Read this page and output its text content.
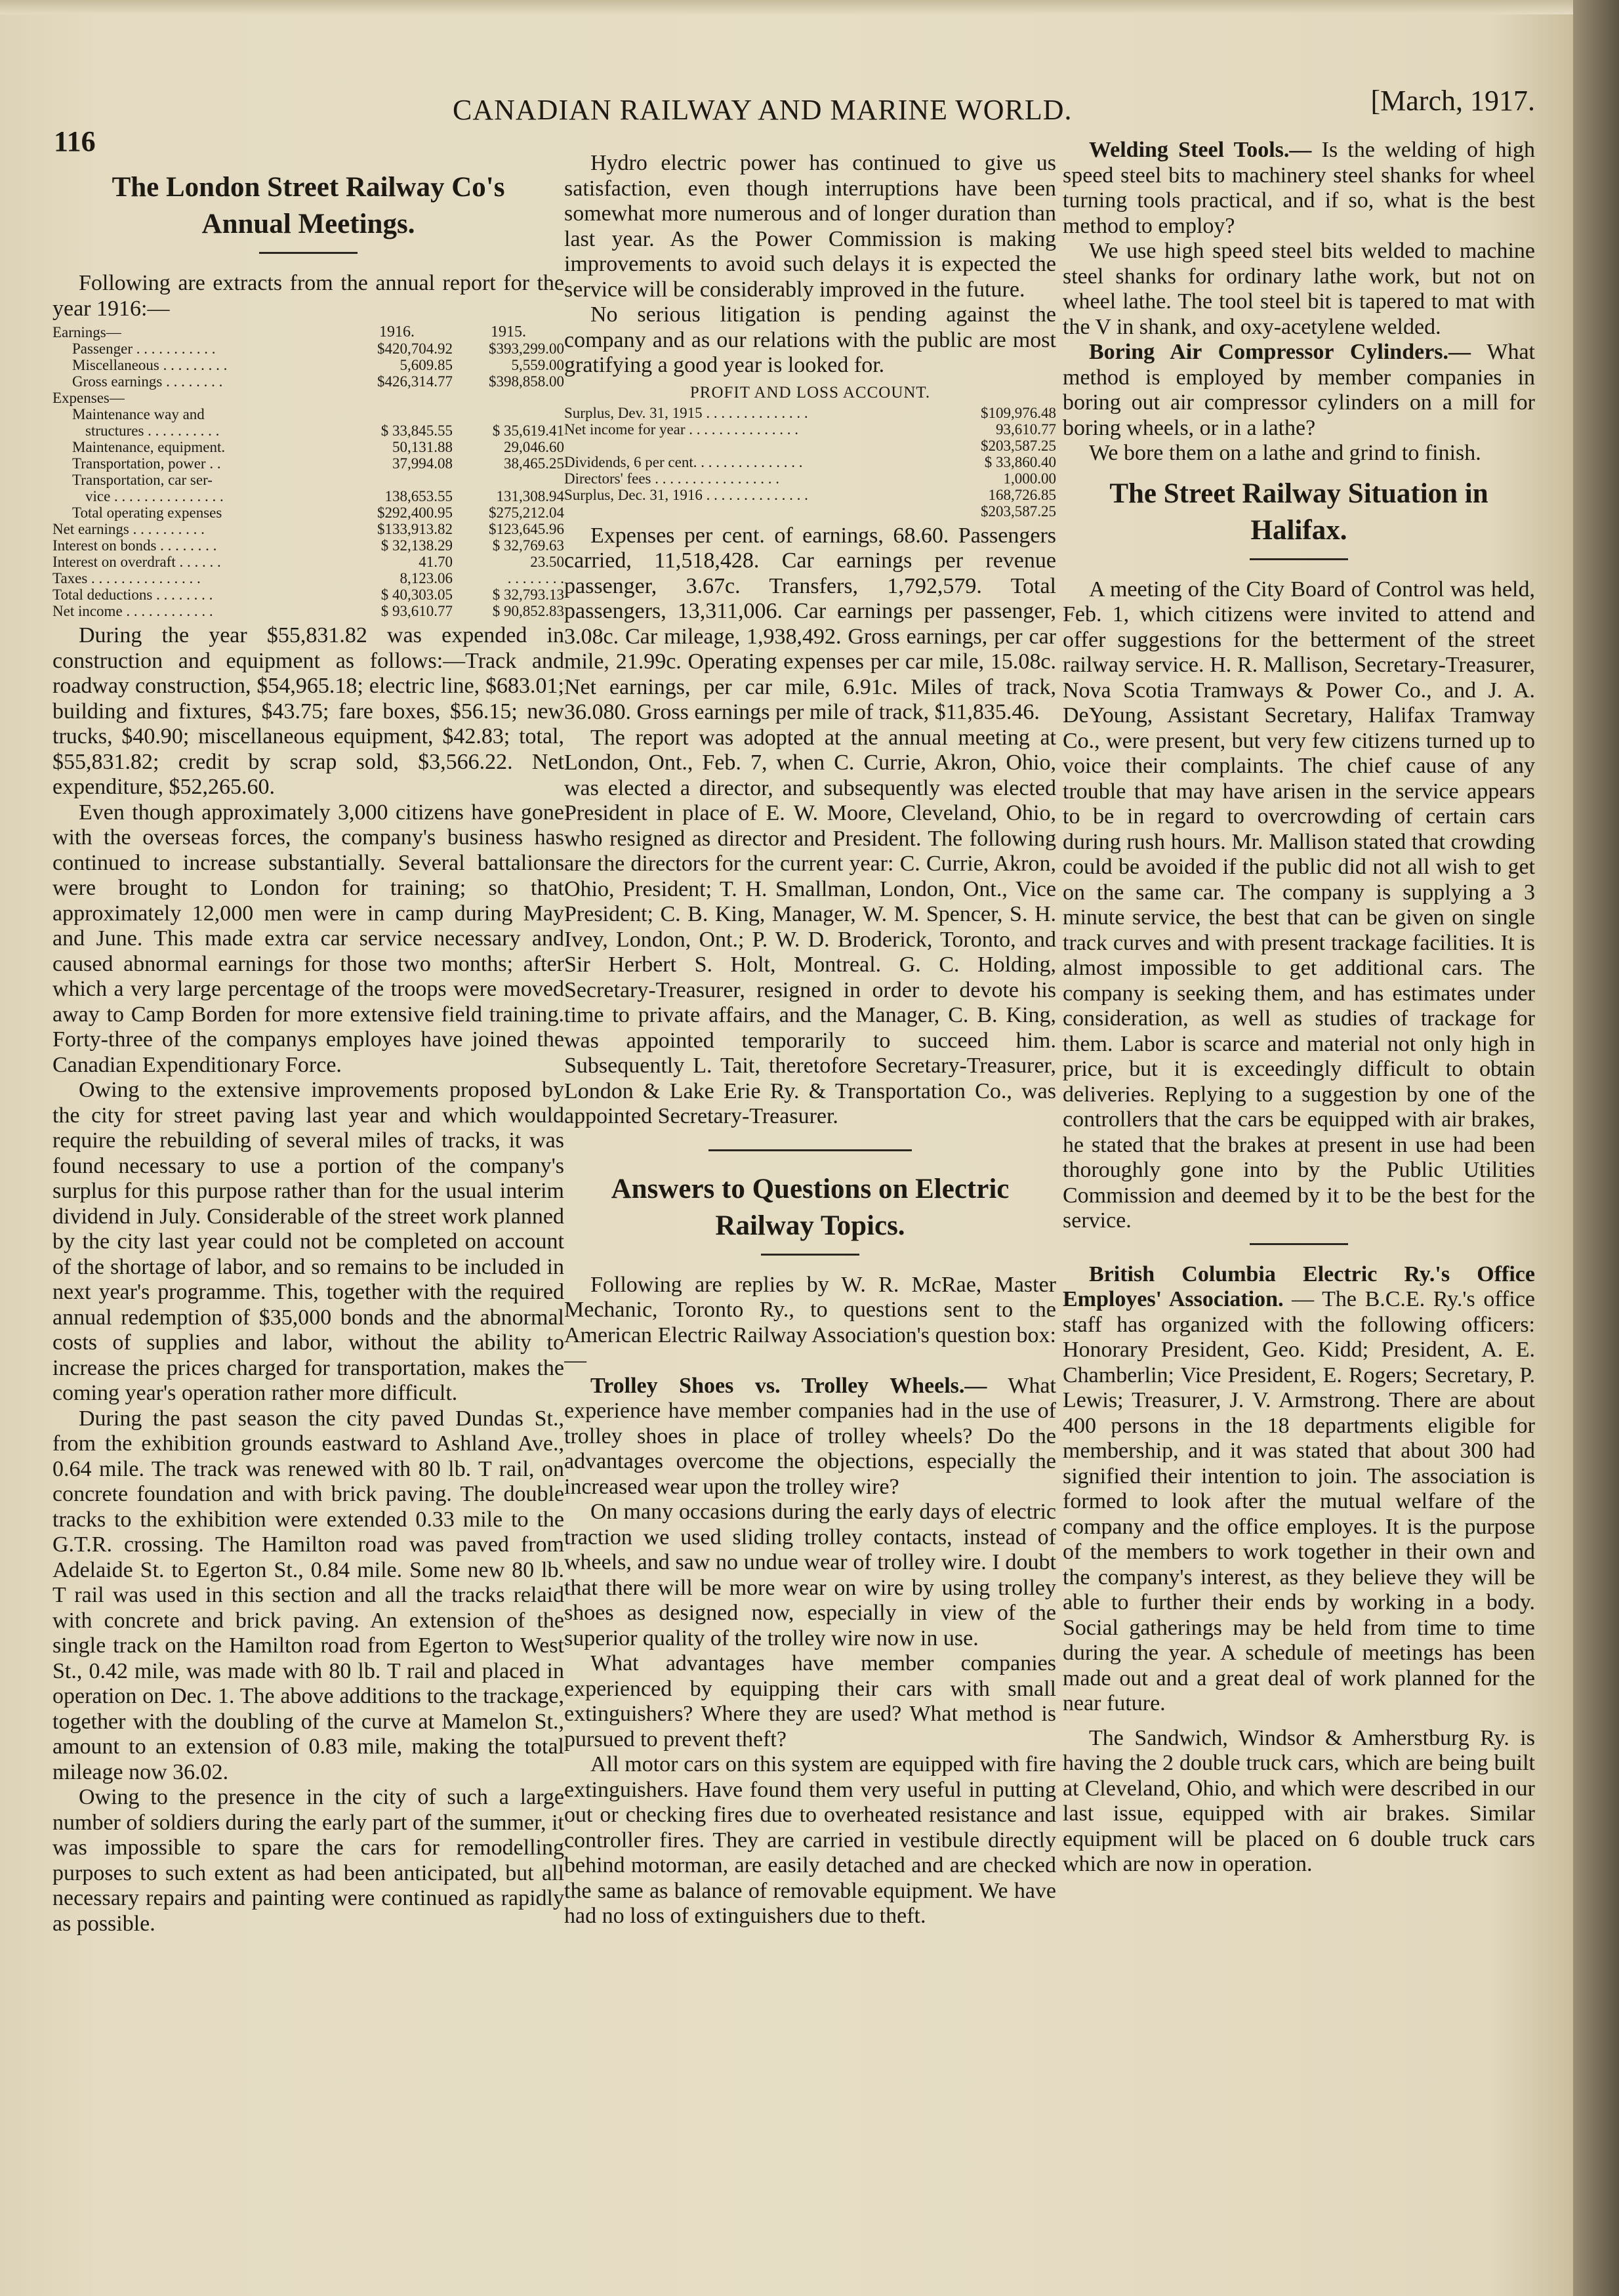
116
CANADIAN RAILWAY AND MARINE WORLD.	[March, 1917.
The London Street Railway Co's
Annual Meetings.

Following are extracts from the annual report for the year 1916:—

Earnings—	1916.	1915.
Passenger . . . . . . . . . . .	$420,704.92	$393,299.00
Miscellaneous . . . . . . . . .	5,609.85	5,559.00
Gross earnings . . . . . . . .	$426,314.77	$398,858.00
Expenses—		
Maintenance way and		
structures . . . . . . . . . .	$ 33,845.55	$ 35,619.41
Maintenance, equipment.	50,131.88	29,046.60
Transportation, power . .	37,994.08	38,465.25
Transportation, car ser-		
vice . . . . . . . . . . . . . . .	138,653.55	131,308.94
Total operating expenses	$292,400.95	$275,212.04
Net earnings . . . . . . . . . .	$133,913.82	$123,645.96
Interest on bonds . . . . . . . .	$ 32,138.29	$ 32,769.63
Interest on overdraft . . . . . .	41.70	23.50
Taxes . . . . . . . . . . . . . . .	8,123.06	. . . . . . . .
Total deductions . . . . . . . .	$ 40,303.05	$ 32,793.13
Net income . . . . . . . . . . . .	$ 93,610.77	$ 90,852.83

During the year $55,831.82 was expended in construction and equipment as follows:—Track and roadway construction, $54,965.18; electric line, $683.01; building and fixtures, $43.75; fare boxes, $56.15; new trucks, $40.90; miscellaneous equipment, $42.83; total, $55,831.82; credit by scrap sold, $3,566.22. Net expenditure, $52,265.60.

Even though approximately 3,000 citizens have gone with the overseas forces, the company's business has continued to increase substantially. Several battalions were brought to London for training; so that approximately 12,000 men were in camp during May and June. This made extra car service necessary and caused abnormal earnings for those two months; after which a very large percentage of the troops were moved away to Camp Borden for more extensive field training. Forty-three of the companys employes have joined the Canadian Expenditionary Force.

Owing to the extensive improvements proposed by the city for street paving last year and which would require the rebuilding of several miles of tracks, it was found necessary to use a portion of the company's surplus for this purpose rather than for the usual interim dividend in July. Considerable of the street work planned by the city last year could not be completed on account of the shortage of labor, and so remains to be included in next year's programme. This, together with the required annual redemption of $35,000 bonds and the abnormal costs of supplies and labor, without the ability to increase the prices charged for transportation, makes the coming year's operation rather more difficult.

During the past season the city paved Dundas St., from the exhibition grounds eastward to Ashland Ave., 0.64 mile. The track was renewed with 80 lb. T rail, on concrete foundation and with brick paving. The double tracks to the exhibition were extended 0.33 mile to the G.T.R. crossing. The Hamilton road was paved from Adelaide St. to Egerton St., 0.84 mile. Some new 80 lb. T rail was used in this section and all the tracks relaid with concrete and brick paving. An extension of the single track on the Hamilton road from Egerton to West St., 0.42 mile, was made with 80 lb. T rail and placed in operation on Dec. 1. The above additions to the trackage, together with the doubling of the curve at Mamelon St., amount to an extension of 0.83 mile, making the total mileage now 36.02.

Owing to the presence in the city of such a large number of soldiers during the early part of the summer, it was impossible to spare the cars for remodelling purposes to such extent as had been anticipated, but all necessary repairs and painting were continued as rapidly as possible.

Hydro electric power has continued to give us satisfaction, even though interruptions have been somewhat more numerous and of longer duration than last year. As the Power Commission is making improvements to avoid such delays it is expected the service will be considerably improved in the future.

No serious litigation is pending against the company and as our relations with the public are most gratifying a good year is looked for.

PROFIT AND LOSS ACCOUNT.
Surplus, Dev. 31, 1915 . . . . . . . . . . . . . .	$109,976.48
Net income for year . . . . . . . . . . . . . . .	93,610.77
	$203,587.25
Dividends, 6 per cent. . . . . . . . . . . . . . .	$ 33,860.40
Directors' fees . . . . . . . . . . . . . . . . .	1,000.00
Surplus, Dec. 31, 1916 . . . . . . . . . . . . . .	168,726.85
	$203,587.25

Expenses per cent. of earnings, 68.60. Passengers carried, 11,518,428. Car earnings per revenue passenger, 3.67c. Transfers, 1,792,579. Total passengers, 13,311,006. Car earnings per passenger, 3.08c. Car mileage, 1,938,492. Gross earnings, per car mile, 21.99c. Operating expenses per car mile, 15.08c. Net earnings, per car mile, 6.91c. Miles of track, 36.080. Gross earnings per mile of track, $11,835.46.

The report was adopted at the annual meeting at London, Ont., Feb. 7, when C. Currie, Akron, Ohio, was elected a director, and subsequently was elected President in place of E. W. Moore, Cleveland, Ohio, who resigned as director and President. The following are the directors for the current year: C. Currie, Akron, Ohio, President; T. H. Smallman, London, Ont., Vice President; C. B. King, Manager, W. M. Spencer, S. H. Ivey, London, Ont.; P. W. D. Broderick, Toronto, and Sir Herbert S. Holt, Montreal. G. C. Holding, Secretary-Treasurer, resigned in order to devote his time to private affairs, and the Manager, C. B. King, was appointed temporarily to succeed him. Subsequently L. Tait, theretofore Secretary-Treasurer, London & Lake Erie Ry. & Transportation Co., was appointed Secretary-Treasurer.

Answers to Questions on Electric
Railway Topics.

Following are replies by W. R. McRae, Master Mechanic, Toronto Ry., to questions sent to the American Electric Railway Association's question box:—

Trolley Shoes vs. Trolley Wheels.— What experience have member companies had in the use of trolley shoes in place of trolley wheels? Do the advantages overcome the objections, especially the increased wear upon the trolley wire?

On many occasions during the early days of electric traction we used sliding trolley contacts, instead of wheels, and saw no undue wear of trolley wire. I doubt that there will be more wear on wire by using trolley shoes as designed now, especially in view of the superior quality of the trolley wire now in use.

What advantages have member companies experienced by equipping their cars with small extinguishers? Where they are used? What method is pursued to prevent theft?

All motor cars on this system are equipped with fire extinguishers. Have found them very useful in putting out or checking fires due to overheated resistance and controller fires. They are carried in vestibule directly behind motorman, are easily detached and are checked the same as balance of removable equipment. We have had no loss of extinguishers due to theft.

Welding Steel Tools.— Is the welding of high speed steel bits to machinery steel shanks for wheel turning tools practical, and if so, what is the best method to employ?

We use high speed steel bits welded to machine steel shanks for ordinary lathe work, but not on wheel lathe. The tool steel bit is tapered to mat with the V in shank, and oxy-acetylene welded.

Boring Air Compressor Cylinders.— What method is employed by member companies in boring out air compressor cylinders on a mill for boring wheels, or in a lathe?

We bore them on a lathe and grind to finish.

The Street Railway Situation in
Halifax.

A meeting of the City Board of Control was held, Feb. 1, which citizens were invited to attend and offer suggestions for the betterment of the street railway service. H. R. Mallison, Secretary-Treasurer, Nova Scotia Tramways & Power Co., and J. A. DeYoung, Assistant Secretary, Halifax Tramway Co., were present, but very few citizens turned up to voice their complaints. The chief cause of any trouble that may have arisen in the service appears to be in regard to overcrowding of certain cars during rush hours. Mr. Mallison stated that crowding could be avoided if the public did not all wish to get on the same car. The company is supplying a 3 minute service, the best that can be given on single track curves and with present trackage facilities. It is almost impossible to get additional cars. The company is seeking them, and has estimates under consideration, as well as studies of trackage for them. Labor is scarce and material not only high in price, but it is exceedingly difficult to obtain deliveries. Replying to a suggestion by one of the controllers that the cars be equipped with air brakes, he stated that the brakes at present in use had been thoroughly gone into by the Public Utilities Commission and deemed by it to be the best for the service.

British Columbia Electric Ry.'s Office Employes' Association. — The B.C.E. Ry.'s office staff has organized with the following officers: Honorary President, Geo. Kidd; President, A. E. Chamberlin; Vice President, E. Rogers; Secretary, P. Lewis; Treasurer, J. V. Armstrong. There are about 400 persons in the 18 departments eligible for membership, and it was stated that about 300 had signified their intention to join. The association is formed to look after the mutual welfare of the company and the office employes. It is the purpose of the members to work together in their own and the company's interest, as they believe they will be able to further their ends by working in a body. Social gatherings may be held from time to time during the year. A schedule of meetings has been made out and a great deal of work planned for the near future.

The Sandwich, Windsor & Amherstburg Ry. is having the 2 double truck cars, which are being built at Cleveland, Ohio, and which were described in our last issue, equipped with air brakes. Similar equipment will be placed on 6 double truck cars which are now in operation.
